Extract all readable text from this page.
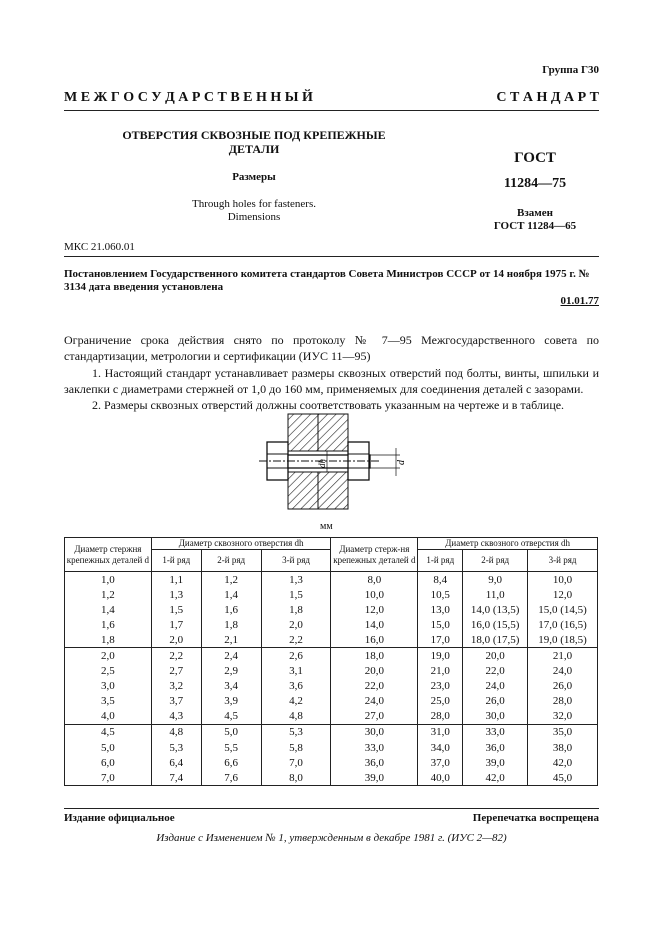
Группа Г30
М Е Ж Г О С У Д А Р С Т В Е Н Н Ы Й	С Т А Н Д А Р Т
ОТВЕРСТИЯ СКВОЗНЫЕ ПОД КРЕПЕЖНЫЕ
ДЕТАЛИ
Размеры
Through holes for fasteners.
Dimensions
ГОСТ
11284—75
Взамен
ГОСТ 11284—65
МКС 21.060.01
Постановлением Государственного комитета стандартов Совета Министров СССР от 14 ноября 1975 г. № 3134 дата введения установлена
01.01.77
Ограничение срока действия снято по протоколу № 7—95 Межгосударственного совета по стандартизации, метрологии и сертификации (ИУС 11—95)
1. Настоящий стандарт устанавливает размеры сквозных отверстий под болты, винты, шпильки и заклепки с диаметрами стержней от 1,0 до 160 мм, применяемых для соединения деталей с зазорами.
2. Размеры сквозных отверстий должны соответствовать указанным на чертеже и в таблице.
d
dh
мм
Диаметр стержня крепежных деталей d	Диаметр сквозного отверстия dh			Диаметр стерж-ня крепежных деталей d	Диаметр сквозного отверстия dh		
	1-й ряд	2-й ряд	3-й ряд		1-й ряд	2-й ряд	3-й ряд
1,0	1,1	1,2	1,3	8,0	8,4	9,0	10,0
1,2	1,3	1,4	1,5	10,0	10,5	11,0	12,0
1,4	1,5	1,6	1,8	12,0	13,0	14,0 (13,5)	15,0 (14,5)
1,6	1,7	1,8	2,0	14,0	15,0	16,0 (15,5)	17,0 (16,5)
1,8	2,0	2,1	2,2	16,0	17,0	18,0 (17,5)	19,0 (18,5)
2,0	2,2	2,4	2,6	18,0	19,0	20,0	21,0
2,5	2,7	2,9	3,1	20,0	21,0	22,0	24,0
3,0	3,2	3,4	3,6	22,0	23,0	24,0	26,0
3,5	3,7	3,9	4,2	24,0	25,0	26,0	28,0
4,0	4,3	4,5	4,8	27,0	28,0	30,0	32,0
4,5	4,8	5,0	5,3	30,0	31,0	33,0	35,0
5,0	5,3	5,5	5,8	33,0	34,0	36,0	38,0
6,0	6,4	6,6	7,0	36,0	37,0	39,0	42,0
7,0	7,4	7,6	8,0	39,0	40,0	42,0	45,0
Издание официальное	Перепечатка воспрещена
Издание с Изменением № 1, утвержденным в декабре 1981 г. (ИУС 2—82)
